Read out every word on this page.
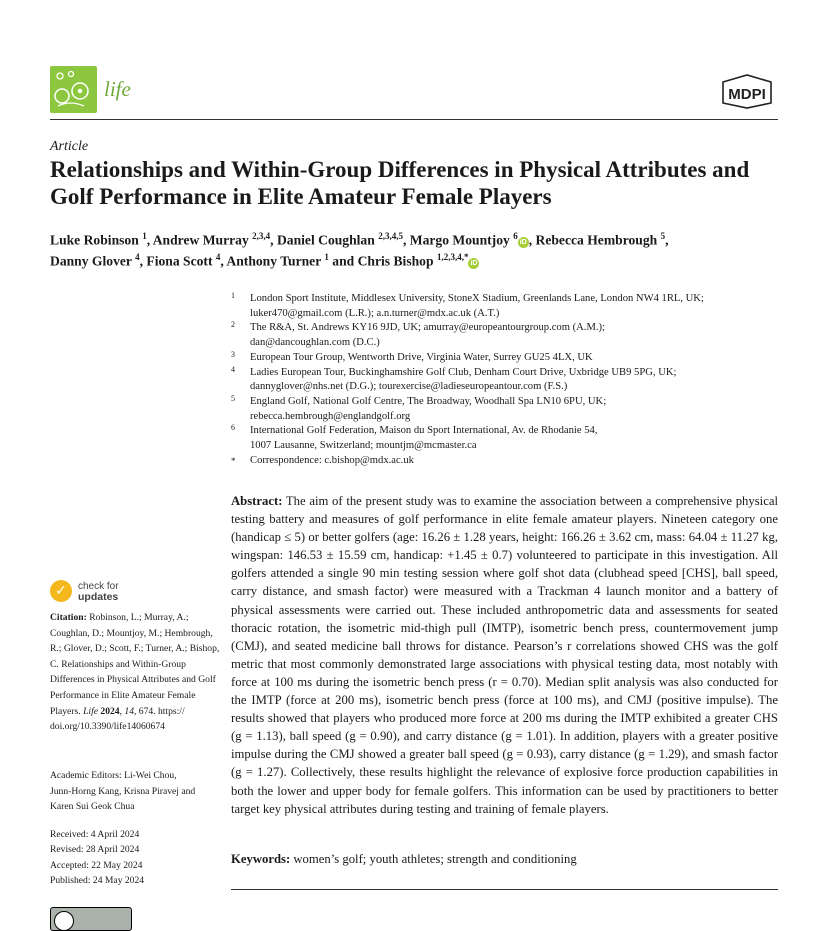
life	MDPI
Article
Relationships and Within-Group Differences in Physical Attributes and Golf Performance in Elite Amateur Female Players
Luke Robinson $^1$, Andrew Murray $^{2,3,4}$, Daniel Coughlan $^{2,3,4,5}$, Margo Mountjoy $^6$iD , Rebecca Hembrough $^5$,
Danny Glover $^4$, Fiona Scott $^4$, Anthony Turner $^1$ and Chris Bishop $^{1,2,3,4,*}$iD
1 London Sport Institute, Middlesex University, StoneX Stadium, Greenlands Lane, London NW4 1RL, UK;
luker470@gmail.com (L.R.); a.n.turner@mdx.ac.uk (A.T.)
2 The R&A, St. Andrews KY16 9JD, UK; amurray@europeantourgroup.com (A.M.);
dan@dancoughlan.com (D.C.)
3 European Tour Group, Wentworth Drive, Virginia Water, Surrey GU25 4LX, UK
4 Ladies European Tour, Buckinghamshire Golf Club, Denham Court Drive, Uxbridge UB9 5PG, UK;
dannyglover@nhs.net (D.G.); tourexercise@ladieseuropeantour.com (F.S.)
5 England Golf, National Golf Centre, The Broadway, Woodhall Spa LN10 6PU, UK;
rebecca.hembrough@englandgolf.org
6 International Golf Federation, Maison du Sport International, Av. de Rhodanie 54,
1007 Lausanne, Switzerland; mountjm@mcmaster.ca
* Correspondence: c.bishop@mdx.ac.uk
Abstract: The aim of the present study was to examine the association between a comprehensive physical testing battery and measures of golf performance in elite female amateur players. Nineteen category one (handicap ≤ 5) or better golfers (age: 16.26 ± 1.28 years, height: 166.26 ± 3.62 cm, mass: 64.04 ± 11.27 kg, wingspan: 146.53 ± 15.59 cm, handicap: +1.45 ± 0.7) volunteered to participate in this investigation. All golfers attended a single 90 min testing session where golf shot data (clubhead speed [CHS], ball speed, carry distance, and smash factor) were measured with a Trackman 4 launch monitor and a battery of physical assessments were carried out. These included anthropometric data and assessments for seated thoracic rotation, the isometric mid-thigh pull (IMTP), isometric bench press, countermovement jump (CMJ), and seated medicine ball throws for distance. Pearson’s r correlations showed CHS was the golf metric that most commonly demonstrated large associations with physical testing data, most notably with force at 100 ms during the isometric bench press (r = 0.70). Median split analysis was also conducted for the IMTP (force at 200 ms), isometric bench press (force at 100 ms), and CMJ (positive impulse). The results showed that players who produced more force at 200 ms during the IMTP exhibited a greater CHS (g = 1.13), ball speed (g = 0.90), and carry distance (g = 1.01). In addition, players with a greater positive impulse during the CMJ showed a greater ball speed (g = 0.93), carry distance (g = 1.29), and smash factor (g = 1.27). Collectively, these results highlight the relevance of explosive force production capabilities in both the lower and upper body for female golfers. This information can be used by practitioners to better target key physical attributes during testing and training of female players.
Keywords: women’s golf; youth athletes; strength and conditioning
✓	check for
updates
Citation: Robinson, L.; Murray, A.; Coughlan, D.; Mountjoy, M.; Hembrough, R.; Glover, D.; Scott, F.; Turner, A.; Bishop, C. Relationships and Within-Group Differences in Physical Attributes and Golf Performance in Elite Amateur Female Players. Life 2024, 14, 674. https:// doi.org/10.3390/life14060674
Academic Editors: Li-Wei Chou,
Junn-Horng Kang, Krisna Piravej and
Karen Sui Geok Chua
Received: 4 April 2024
Revised: 28 April 2024
Accepted: 22 May 2024
Published: 24 May 2024
